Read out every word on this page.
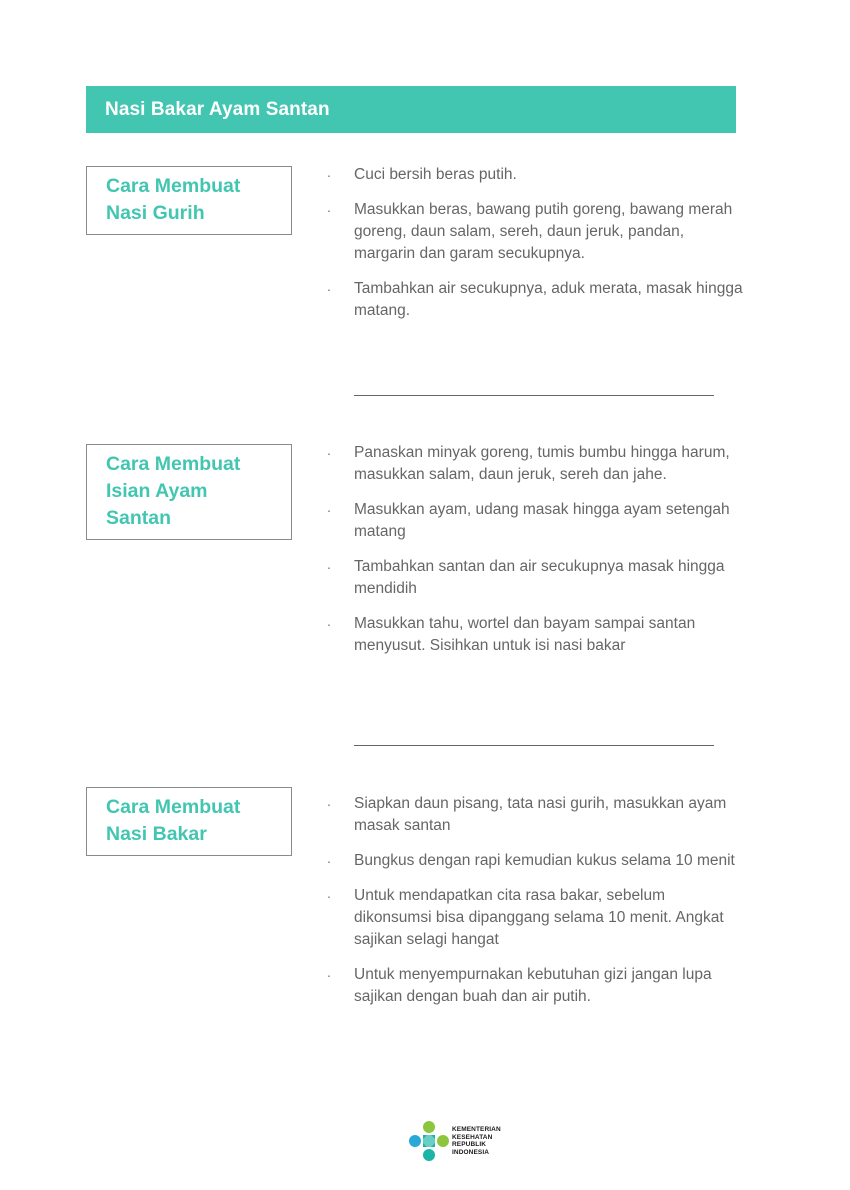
Nasi Bakar Ayam Santan
Cara Membuat
Nasi Gurih
· Cuci bersih beras putih.
· Masukkan beras, bawang putih goreng, bawang merah goreng, daun salam, sereh, daun jeruk, pandan, margarin dan garam secukupnya.
· Tambahkan air secukupnya, aduk merata, masak hingga matang.
Cara Membuat
Isian Ayam
Santan
· Panaskan minyak goreng, tumis bumbu hingga harum, masukkan salam, daun jeruk, sereh dan jahe.
· Masukkan ayam, udang masak hingga ayam setengah matang
· Tambahkan santan dan air secukupnya masak hingga mendidih
· Masukkan tahu, wortel dan bayam sampai santan menyusut. Sisihkan untuk isi nasi bakar
Cara Membuat
Nasi Bakar
· Siapkan daun pisang, tata nasi gurih, masukkan ayam masak santan
· Bungkus dengan rapi kemudian kukus selama 10 menit
· Untuk mendapatkan cita rasa bakar, sebelum dikonsumsi bisa dipanggang selama 10 menit. Angkat sajikan selagi hangat
· Untuk menyempurnakan kebutuhan gizi jangan lupa sajikan dengan buah dan air putih.
KEMENTERIAN
KESEHATAN
REPUBLIK
INDONESIA
